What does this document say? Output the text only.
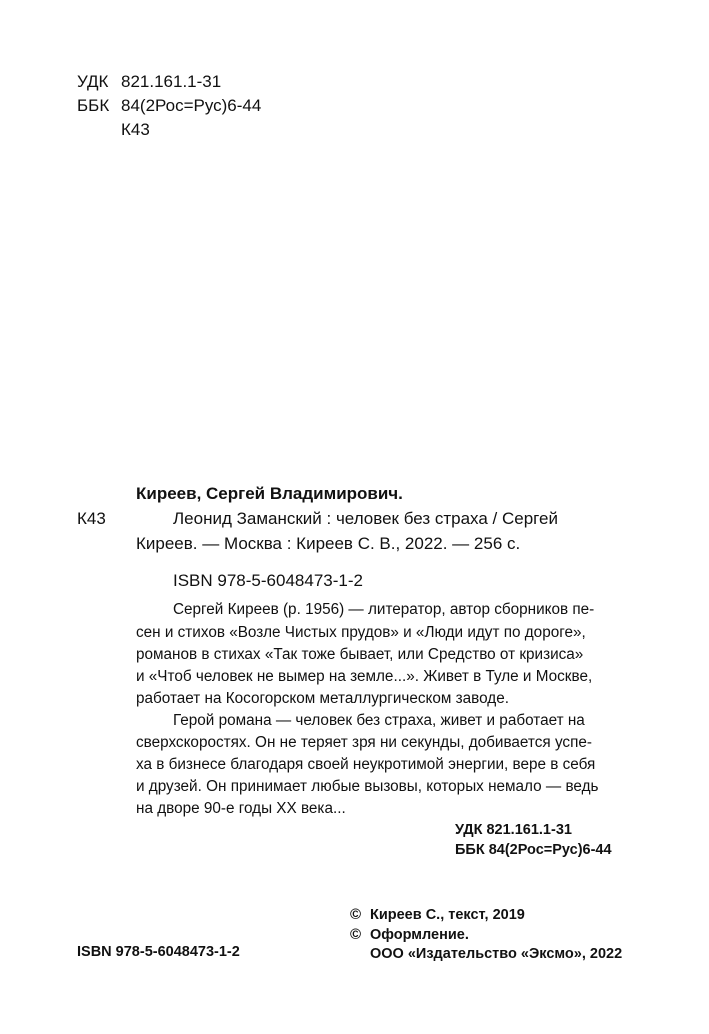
УДК 821.161.1-31
ББК 84(2Рос=Рус)6-44
К43
Киреев, Сергей Владимирович.
К43	Леонид Заманский : человек без страха / Сергей
Киреев. — Москва : Киреев С. В., 2022. — 256 с.
ISBN 978-5-6048473-1-2
Сергей Киреев (р. 1956) — литератор, автор сборников пе-
сен и стихов «Возле Чистых прудов» и «Люди идут по дороге»,
романов в стихах «Так тоже бывает, или Средство от кризиса»
и «Чтоб человек не вымер на земле...». Живет в Туле и Москве,
работает на Косогорском металлургическом заводе.
Герой романа — человек без страха, живет и работает на
сверхскоростях. Он не теряет зря ни секунды, добивается успе-
ха в бизнесе благодаря своей неукротимой энергии, вере в себя
и друзей. Он принимает любые вызовы, которых немало — ведь
на дворе 90-е годы XX века...
УДК 821.161.1-31
ББК 84(2Рос=Рус)6-44
ISBN 978-5-6048473-1-2
© Киреев С., текст, 2019
© Оформление.
ООО «Издательство «Эксмо», 2022
